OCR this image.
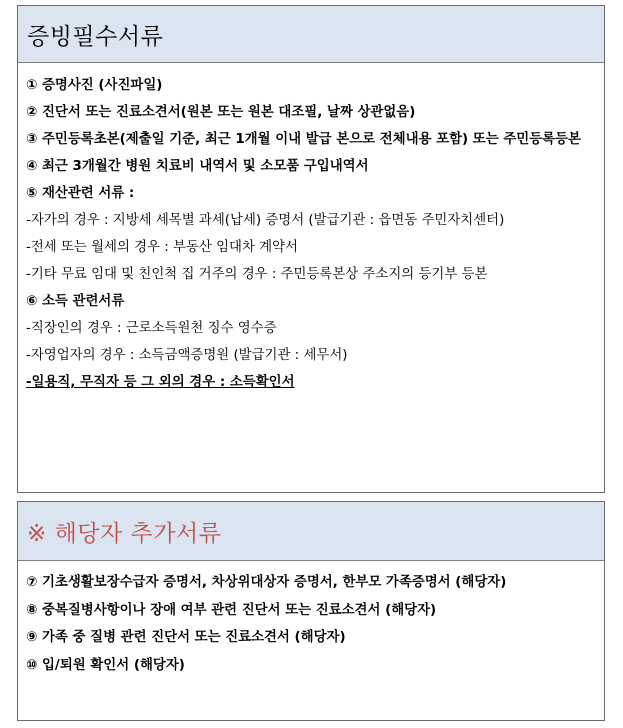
증빙필수서류
① 증명사진 (사진파일)
② 진단서 또는 진료소견서(원본 또는 원본 대조필, 날짜 상관없음)
③ 주민등록초본(제출일 기준, 최근 1개월 이내 발급 본으로 전체내용 포함) 또는 주민등록등본
④ 최근 3개월간 병원 치료비 내역서 및 소모품 구입내역서
⑤ 재산관련 서류 :
-자가의 경우 : 지방세 세목별 과세(납세) 증명서 (발급기관 : 읍면동 주민자치센터)
-전세 또는 월세의 경우 : 부동산 임대차 계약서
-기타 무료 임대 및 친인척 집 거주의 경우 : 주민등록본상 주소지의 등기부 등본
⑥ 소득 관련서류
-직장인의 경우 : 근로소득원천 징수 영수증
-자영업자의 경우 : 소득금액증명원 (발급기관 : 세무서)
-일용직, 무직자 등 그 외의 경우 : 소득확인서
※ 해당자 추가서류
⑦ 기초생활보장수급자 증명서, 차상위대상자 증명서, 한부모 가족증명서 (해당자)
⑧ 중복질병사항이나 장애 여부 관련 진단서 또는 진료소견서 (해당자)
⑨ 가족 중 질병 관련 진단서 또는 진료소견서 (해당자)
⑩ 입/퇴원 확인서 (해당자)
